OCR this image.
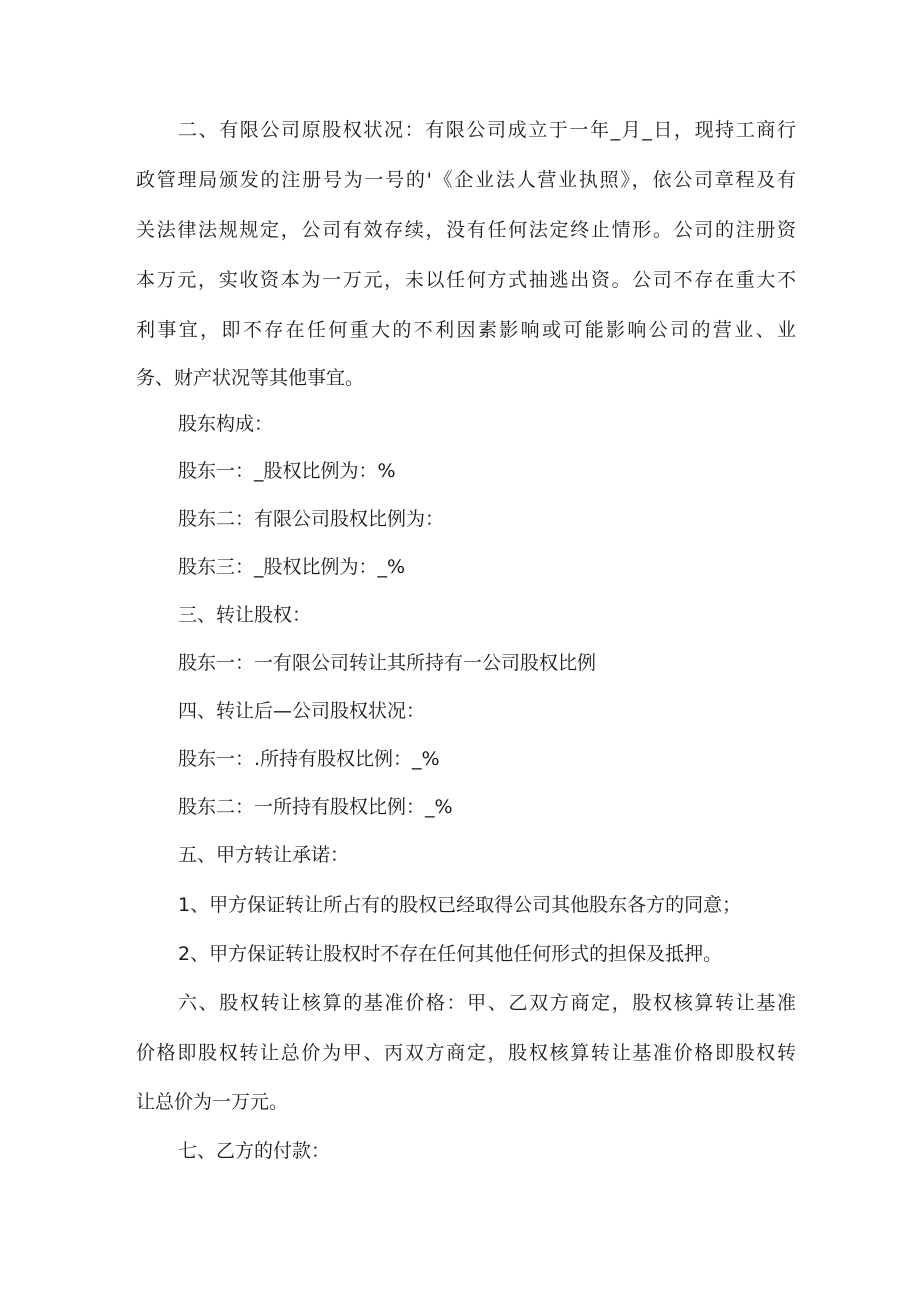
二、有限公司原股权状况：有限公司成立于一年_月_日，现持工商行
政管理局颁发的注册号为一号的'《企业法人营业执照》，依公司章程及有
关法律法规规定，公司有效存续，没有任何法定终止情形。公司的注册资
本万元，实收资本为一万元，未以任何方式抽逃出资。公司不存在重大不
利事宜，即不存在任何重大的不利因素影响或可能影响公司的营业、业
务、财产状况等其他事宜。
股东构成：
股东一：_股权比例为：%
股东二：有限公司股权比例为：
股东三：_股权比例为：_%
三、转让股权：
股东一：一有限公司转让其所持有一公司股权比例
四、转让后—公司股权状况：
股东一：.所持有股权比例：_%
股东二：一所持有股权比例：_%
五、甲方转让承诺：
1、甲方保证转让所占有的股权已经取得公司其他股东各方的同意；
2、甲方保证转让股权时不存在任何其他任何形式的担保及抵押。
六、股权转让核算的基准价格：甲、乙双方商定，股权核算转让基准
价格即股权转让总价为甲、丙双方商定，股权核算转让基准价格即股权转
让总价为一万元。
七、乙方的付款：
